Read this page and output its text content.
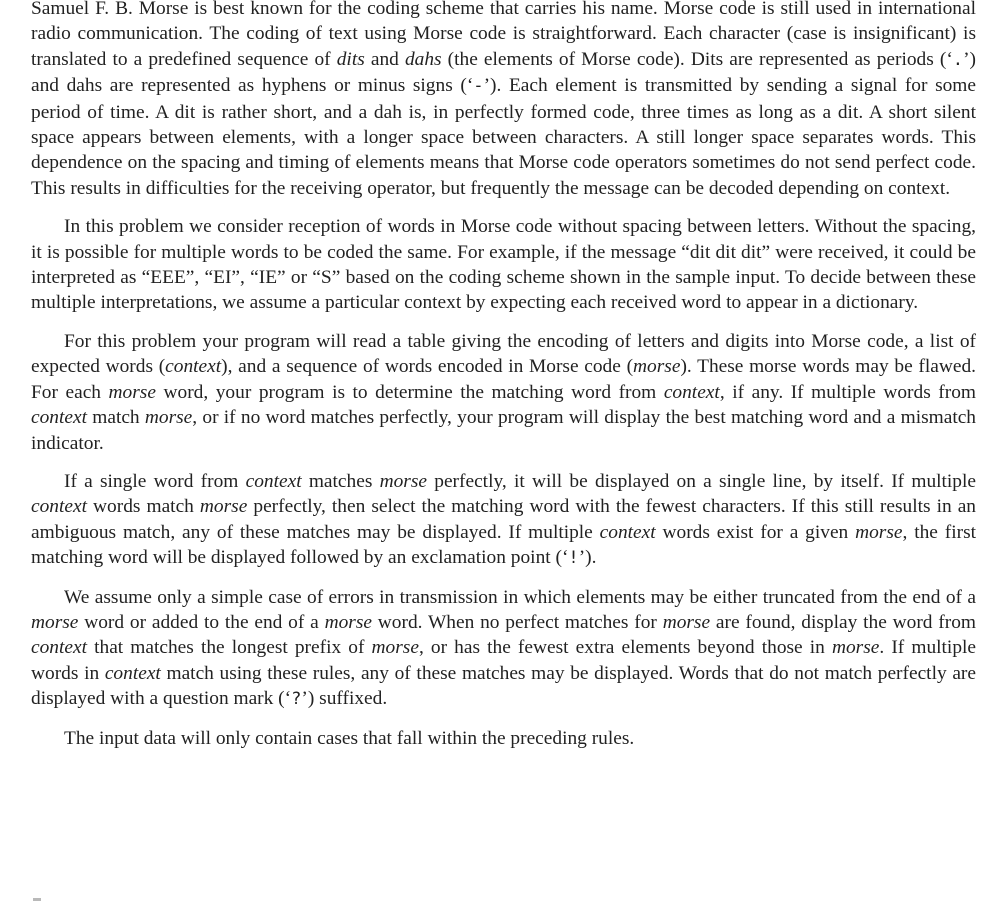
Samuel F. B. Morse is best known for the coding scheme that carries his name. Morse code is still used in international radio communication. The coding of text using Morse code is straightforward. Each character (case is insignificant) is translated to a predefined sequence of dits and dahs (the elements of Morse code). Dits are represented as periods (‘.’) and dahs are represented as hyphens or minus signs (‘-’). Each element is transmitted by sending a signal for some period of time. A dit is rather short, and a dah is, in perfectly formed code, three times as long as a dit. A short silent space appears between elements, with a longer space between characters. A still longer space separates words. This dependence on the spacing and timing of elements means that Morse code operators sometimes do not send perfect code. This results in difficulties for the receiving operator, but frequently the message can be decoded depending on context.

In this problem we consider reception of words in Morse code without spacing between letters. Without the spacing, it is possible for multiple words to be coded the same. For example, if the message “dit dit dit” were received, it could be interpreted as “EEE”, “EI”, “IE” or “S” based on the coding scheme shown in the sample input. To decide between these multiple interpretations, we assume a particular context by expecting each received word to appear in a dictionary.

For this problem your program will read a table giving the encoding of letters and digits into Morse code, a list of expected words (context), and a sequence of words encoded in Morse code (morse). These morse words may be flawed. For each morse word, your program is to determine the matching word from context, if any. If multiple words from context match morse, or if no word matches perfectly, your program will display the best matching word and a mismatch indicator.

If a single word from context matches morse perfectly, it will be displayed on a single line, by itself. If multiple context words match morse perfectly, then select the matching word with the fewest characters. If this still results in an ambiguous match, any of these matches may be displayed. If multiple context words exist for a given morse, the first matching word will be displayed followed by an exclamation point (‘!’).

We assume only a simple case of errors in transmission in which elements may be either truncated from the end of a morse word or added to the end of a morse word. When no perfect matches for morse are found, display the word from context that matches the longest prefix of morse, or has the fewest extra elements beyond those in morse. If multiple words in context match using these rules, any of these matches may be displayed. Words that do not match perfectly are displayed with a question mark (‘?’) suffixed.

The input data will only contain cases that fall within the preceding rules.
